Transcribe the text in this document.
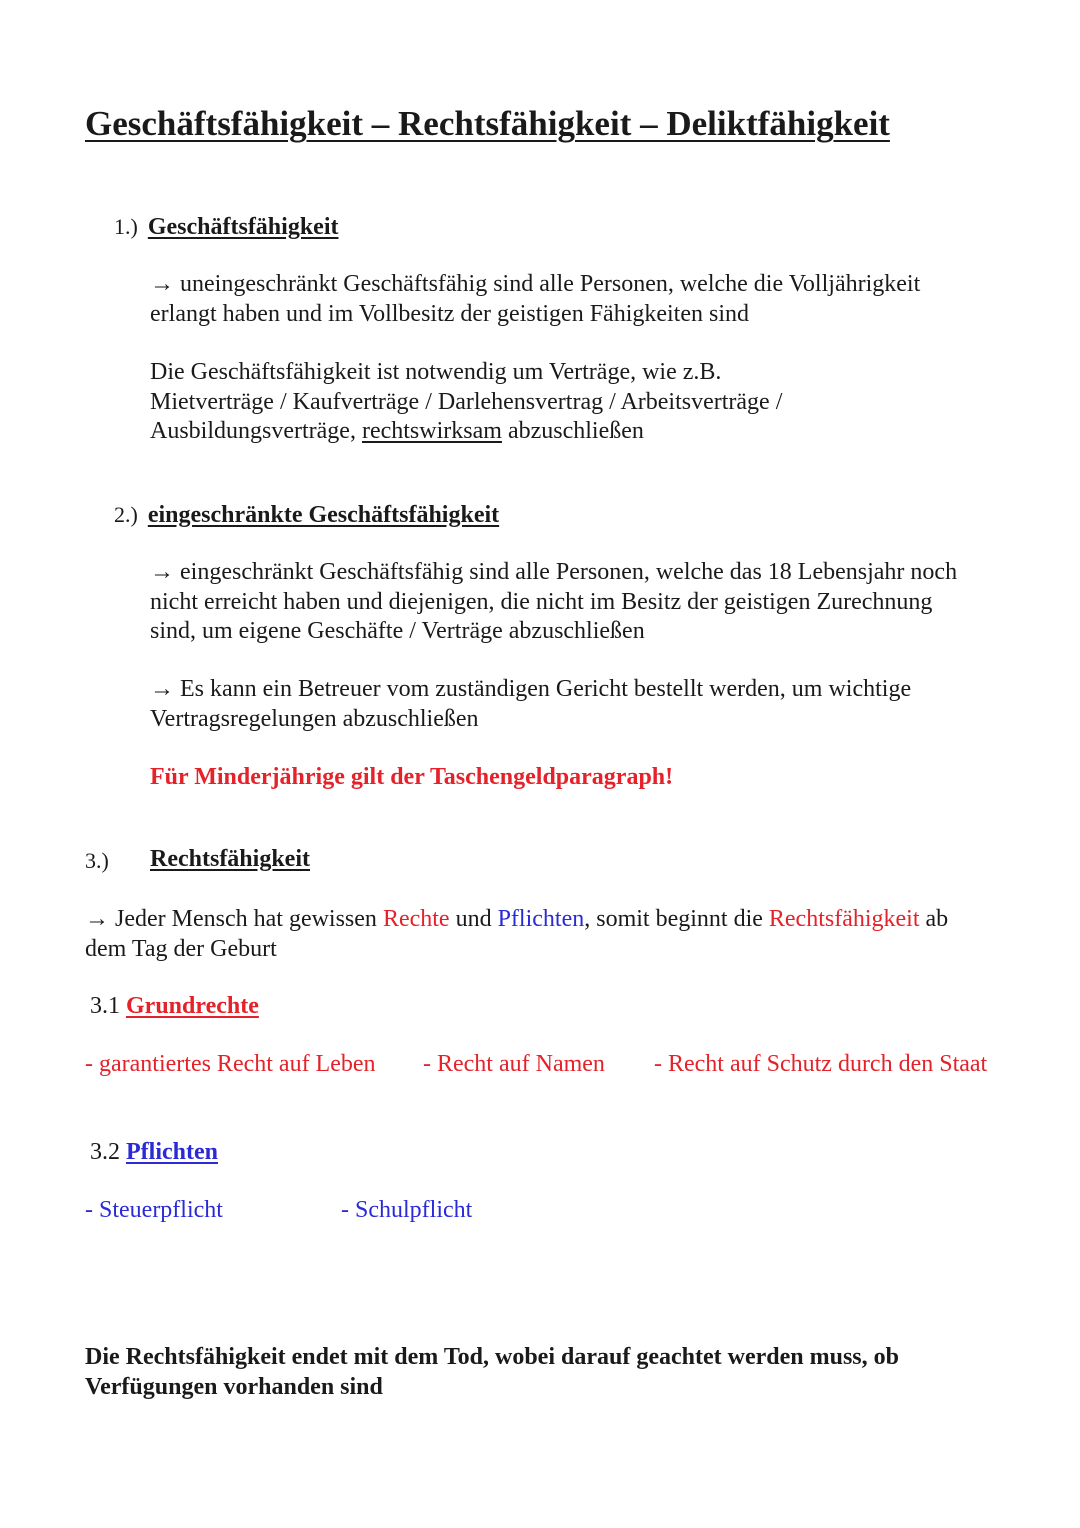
Geschäftsfähigkeit – Rechtsfähigkeit – Deliktfähigkeit
1.) Geschäftsfähigkeit
→ uneingeschränkt Geschäftsfähig sind alle Personen, welche die Volljährigkeit
erlangt haben und im Vollbesitz der geistigen Fähigkeiten sind
Die Geschäftsfähigkeit ist notwendig um Verträge, wie z.B.
Mietverträge / Kaufverträge / Darlehensvertrag / Arbeitsverträge /
Ausbildungsverträge, rechtswirksam abzuschließen
2.) eingeschränkte Geschäftsfähigkeit
→ eingeschränkt Geschäftsfähig sind alle Personen, welche das 18 Lebensjahr noch
nicht erreicht haben und diejenigen, die nicht im Besitz der geistigen Zurechnung
sind, um eigene Geschäfte / Verträge abzuschließen
→ Es kann ein Betreuer vom zuständigen Gericht bestellt werden, um wichtige
Vertragsregelungen abzuschließen
Für Minderjährige gilt der Taschengeldparagraph!
3.) Rechtsfähigkeit
→ Jeder Mensch hat gewissen Rechte und Pflichten, somit beginnt die Rechtsfähigkeit ab
dem Tag der Geburt
3.1 Grundrechte
- garantiertes Recht auf Leben - Recht auf Namen - Recht auf Schutz durch den Staat
3.2 Pflichten
- Steuerpflicht	- Schulpflicht
Die Rechtsfähigkeit endet mit dem Tod, wobei darauf geachtet werden muss, ob
Verfügungen vorhanden sind
